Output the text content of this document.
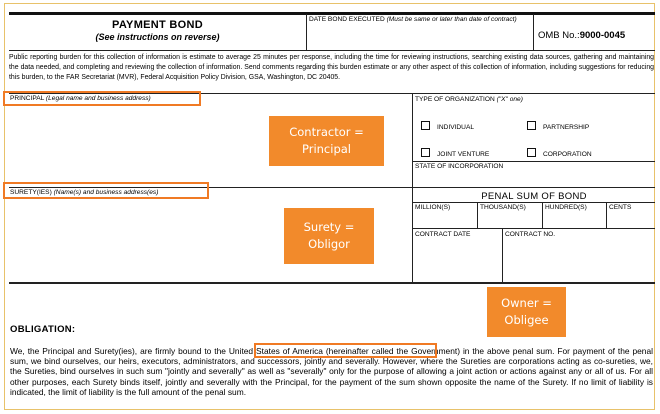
PAYMENT BOND
(See instructions on reverse)
DATE BOND EXECUTED (Must be same or later than date of contract)
OMB No.:9000-0045
Public reporting burden for this collection of information is estimate to average 25 minutes per response, including the time for reviewing instructions, searching existing data sources, gathering and maintaining the data needed, and completing and reviewing the collection of information. Send comments regarding this burden estimate or any other aspect of this collection of information, including suggestions for reducing this burden, to the FAR Secretariat (MVR), Federal Acquisition Policy Division, GSA, Washington, DC 20405.
PRINCIPAL (Legal name and business address)	TYPE OF ORGANIZATION ("X" one)
INDIVIDUAL	PARTNERSHIP
JOINT VENTURE	CORPORATION
STATE OF INCORPORATION
SURETY(IES) (Name(s) and business address(es)	PENAL SUM OF BOND
MILLION(S)	THOUSAND(S)	HUNDRED(S)	CENTS
CONTRACT DATE	CONTRACT NO.
OBLIGATION:
We, the Principal and Surety(ies), are firmly bound to the United States of America (hereinafter called the Government) in the above penal sum. For payment of the penal sum, we bind ourselves, our heirs, executors, administrators, and successors, jointly and severally. However, where the Sureties are corporations acting as co-sureties, we, the Sureties, bind ourselves in such sum "jointly and severally" as well as "severally" only for the purpose of allowing a joint action or actions against any or all of us. For all other purposes, each Surety binds itself, jointly and severally with the Principal, for the payment of the sum shown opposite the name of the Surety. If no limit of liability is indicated, the limit of liability is the full amount of the penal sum.
Contractor =
Principal
Surety =
Obligor
Owner =
Obligee
